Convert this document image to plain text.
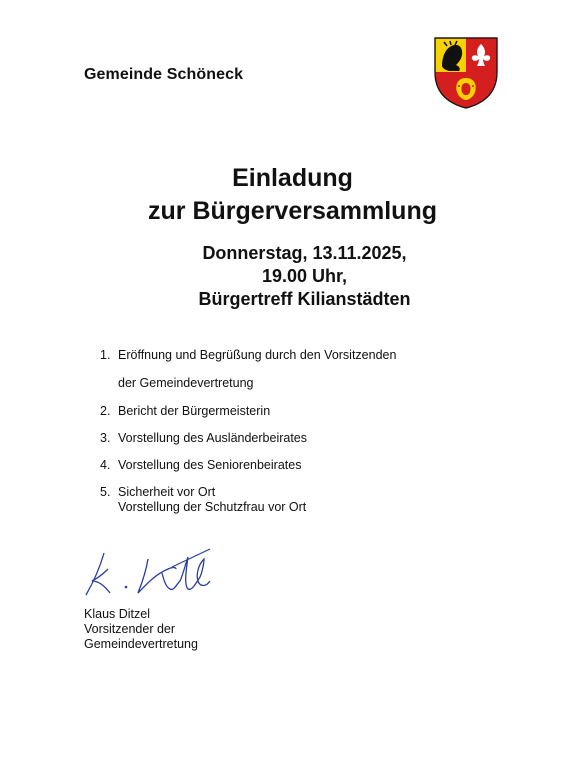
Gemeinde Schöneck
Einladung
zur Bürgerversammlung
Donnerstag, 13.11.2025,
19.00 Uhr,
Bürgertreff Kilianstädten
1. Eröffnung und Begrüßung durch den Vorsitzenden
der Gemeindevertretung
2. Bericht der Bürgermeisterin
3. Vorstellung des Ausländerbeirates
4. Vorstellung des Seniorenbeirates
5. Sicherheit vor Ort
Vorstellung der Schutzfrau vor Ort
Klaus Ditzel
Vorsitzender der
Gemeindevertretung
